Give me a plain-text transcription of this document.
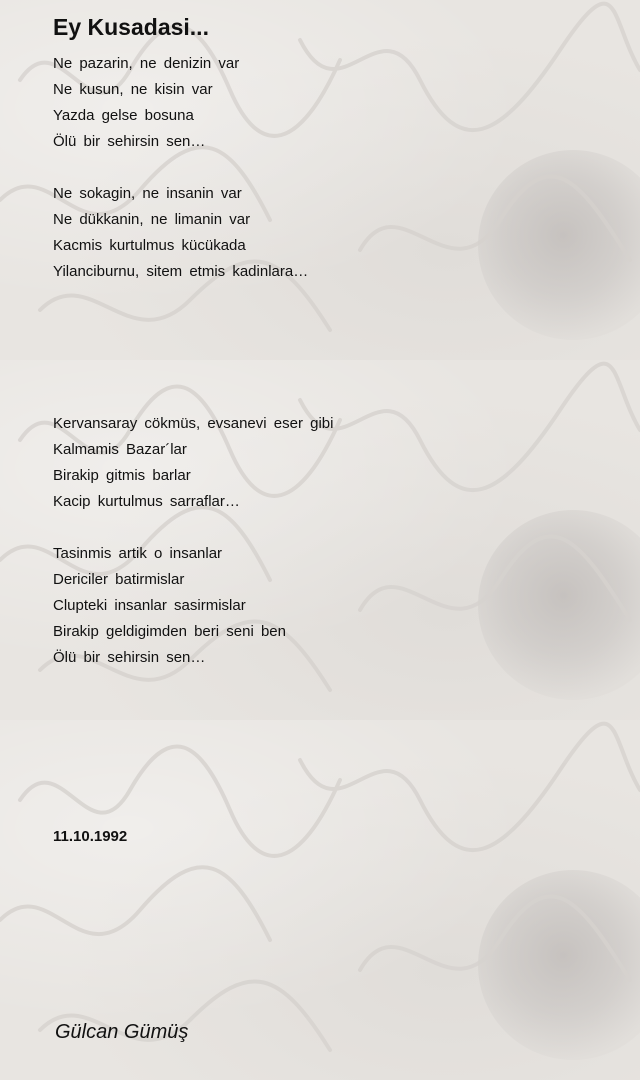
Ey Kusadasi...
Ne pazarin, ne denizin var
Ne kusun, ne kisin var
Yazda gelse bosuna
Ölü bir sehirsin sen…
Ne sokagin, ne insanin var
Ne dükkanin, ne limanin var
Kacmis kurtulmus kücükada
Yilanciburnu, sitem etmis kadinlara…
Kervansaray cökmüs, evsanevi eser gibi
Kalmamis Bazar´lar
Birakip gitmis barlar
Kacip kurtulmus sarraflar…
Tasinmis artik o insanlar
Dericiler batirmislar
Clupteki insanlar sasirmislar
Birakip geldigimden beri seni ben
Ölü bir sehirsin sen…
11.10.1992
Gülcan Gümüş
